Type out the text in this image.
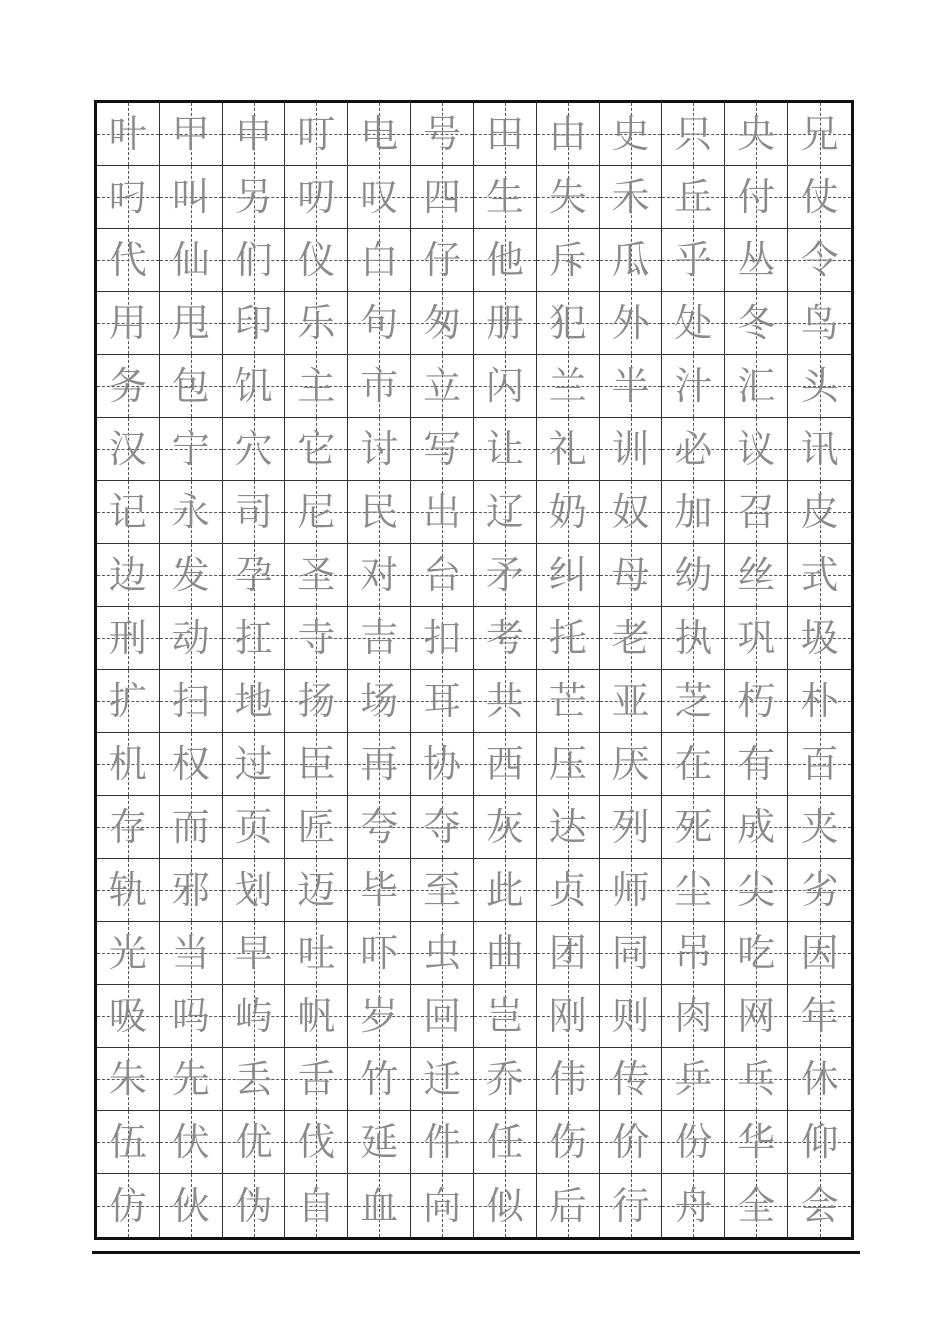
叶 甲 申 叮 电 号 田 由 史 只 央 兄
叼 叫 另 叨 叹 四 生 失 禾 丘 付 仗
代 仙 们 仪 白 仔 他 斥 瓜 乎 丛 令
用 甩 印 乐 句 匆 册 犯 外 处 冬 鸟
务 包 饥 主 市 立 闪 兰 半 汁 汇 头
汉 宁 穴 它 讨 写 让 礼 训 必 议 讯
记 永 司 尼 民 出 辽 奶 奴 加 召 皮
边 发 孕 圣 对 台 矛 纠 母 幼 丝 式
刑 动 扛 寺 吉 扣 考 托 老 执 巩 圾
扩 扫 地 扬 场 耳 共 芒 亚 芝 朽 朴
机 权 过 臣 再 协 西 压 厌 在 有 百
存 而 页 匠 夸 夺 灰 达 列 死 成 夹
轨 邪 划 迈 毕 至 此 贞 师 尘 尖 劣
光 当 早 吐 吓 虫 曲 团 同 吊 吃 因
吸 吗 屿 帆 岁 回 岂 刚 则 肉 网 年
朱 先 丢 舌 竹 迁 乔 伟 传 乒 乓 休
伍 伏 优 伐 延 件 任 伤 价 份 华 仰
仿 伙 伪 自 血 向 似 后 行 舟 全 会
